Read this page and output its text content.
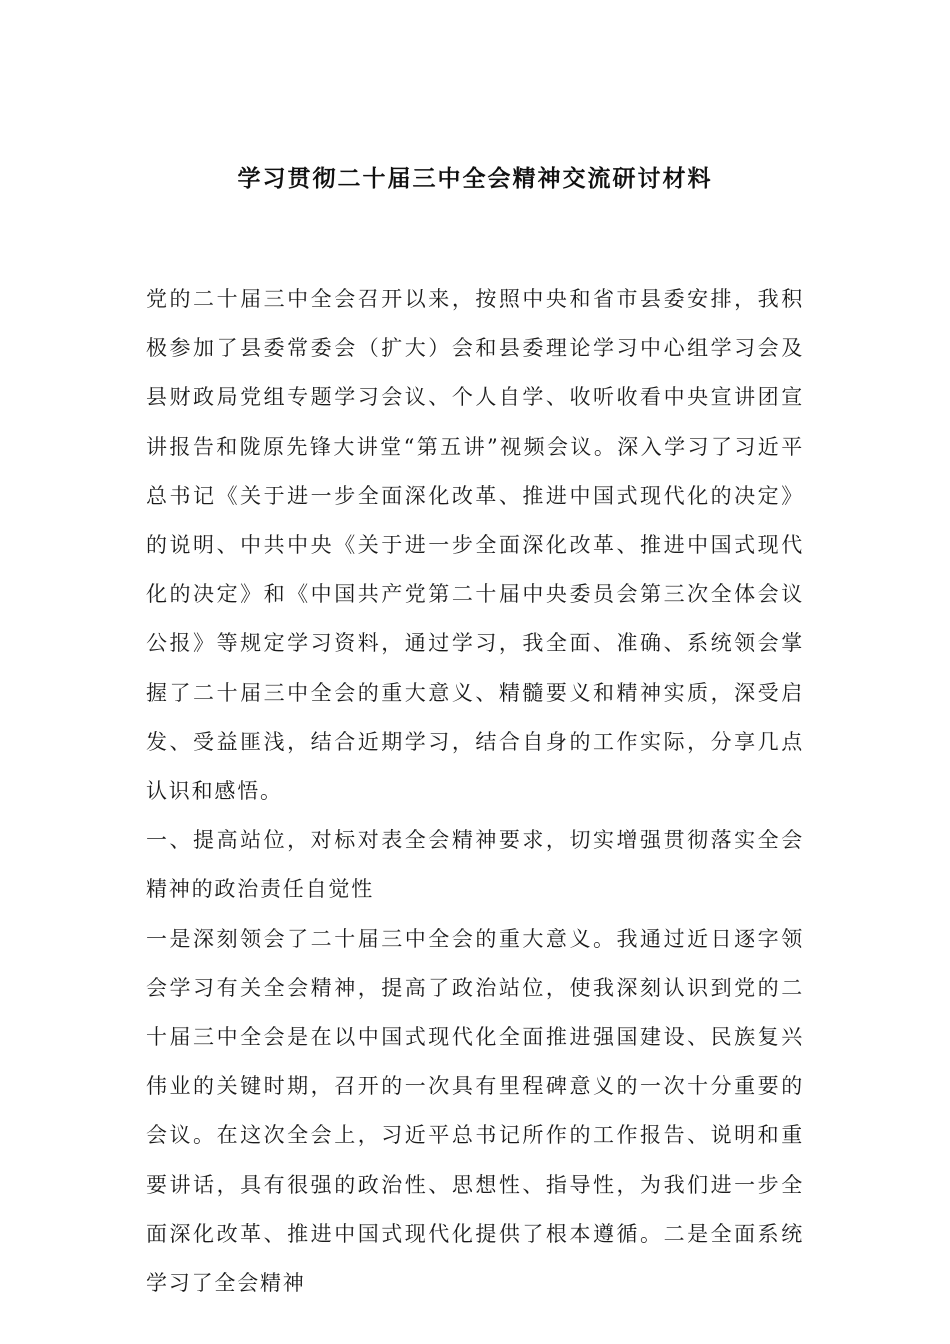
学习贯彻二十届三中全会精神交流研讨材料

党的二十届三中全会召开以来，按照中央和省市县委安排，我积极参加了县委常委会（扩大）会和县委理论学习中心组学习会及县财政局党组专题学习会议、个人自学、收听收看中央宣讲团宣讲报告和陇原先锋大讲堂“第五讲”视频会议。深入学习了习近平总书记《关于进一步全面深化改革、推进中国式现代化的决定》的说明、中共中央《关于进一步全面深化改革、推进中国式现代化的决定》和《中国共产党第二十届中央委员会第三次全体会议公报》等规定学习资料，通过学习，我全面、准确、系统领会掌握了二十届三中全会的重大意义、精髓要义和精神实质，深受启发、受益匪浅，结合近期学习，结合自身的工作实际，分享几点认识和感悟。

一、提高站位，对标对表全会精神要求，切实增强贯彻落实全会精神的政治责任自觉性

一是深刻领会了二十届三中全会的重大意义。我通过近日逐字领会学习有关全会精神，提高了政治站位，使我深刻认识到党的二十届三中全会是在以中国式现代化全面推进强国建设、民族复兴伟业的关键时期，召开的一次具有里程碑意义的一次十分重要的会议。在这次全会上，习近平总书记所作的工作报告、说明和重要讲话，具有很强的政治性、思想性、指导性，为我们进一步全面深化改革、推进中国式现代化提供了根本遵循。二是全面系统学习了全会精神
